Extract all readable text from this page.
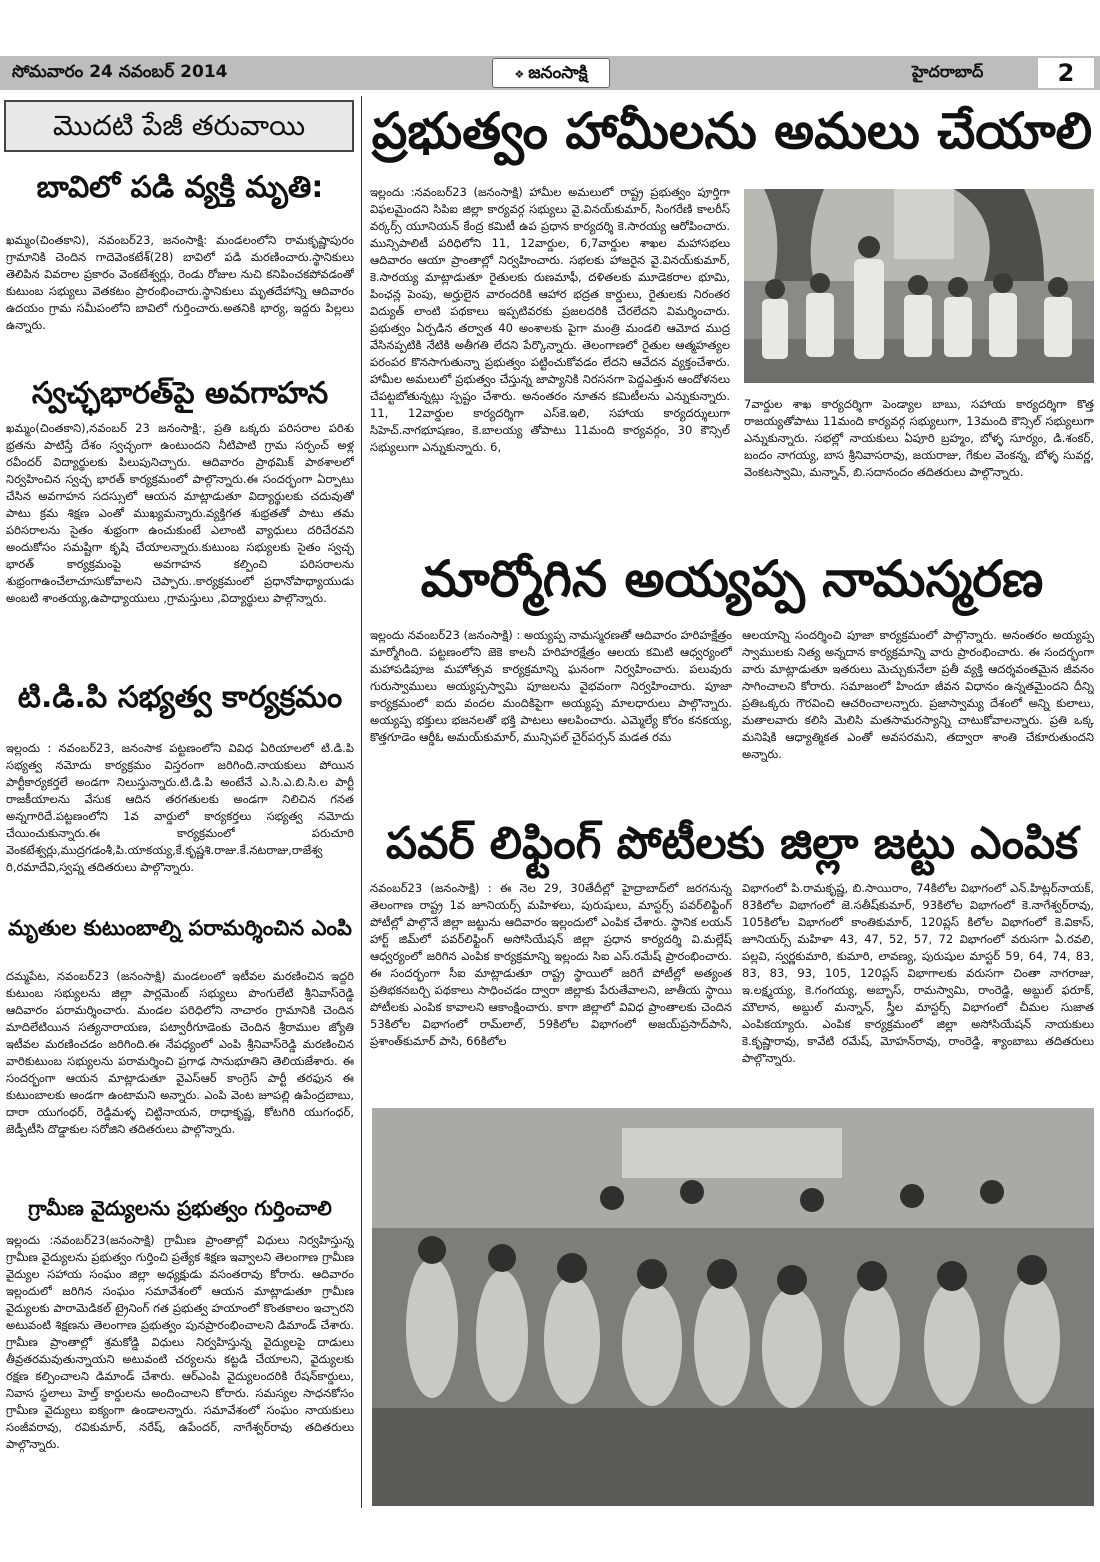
సోమవారం 24 నవంబర్ 2014	❖ జనంసాక్షి	హైదరాబాద్	2
మొదటి పేజీ తరువాయి
బావిలో పడి వ్యక్తి మృతి:
ఖమ్మం(చింతకాని), నవంబర్23, జనంసాక్షి: మండలంలోని రామకృష్ణాపురం గ్రామానికి చెందిన గాదెవెంకటేశ్(28) బావిలో పడి మరణించారు.స్థానికులు తెలిపిన వివరాల ప్రకారం వెంకటేశ్వర్లు, రెండు రోజుల నుచి కనిపించకపోవడంతో కుటుంబ సభ్యులు వెతకటం ప్రారంభించారు.స్థానికులు మృతదేహాన్ని ఆదివారం ఉదయం గ్రామ సమీపంలోని బావిలో గుర్తించారు.అతనికి భార్య, ఇద్దరు పిల్లలు ఉన్నారు.
స్వచ్ఛభారత్‌పై అవగాహన
ఖమ్మం(చింతకాని),నవంబర్ 23 జనంసాక్షి:, ప్రతి ఒక్కరు పరిసరాల పరిశు భ్రతను పాటిస్తే దేశం స్వచ్ఛంగా ఉంటుందని నీటిపాటి గ్రామ సర్పంచ్ అళ్ల రవీందర్ విద్యార్థులకు పిలుపునిచ్చారు. ఆదివారం ప్రాథమిక్ పాఠశాలలో నిర్వహించిన స్వచ్ఛ భారత్ కార్యక్రమంలో పాల్గొన్నారు.ఈ సందర్భంగా ఏర్పాటు చేసిన అవగాహన సదస్సులో ఆయన మాట్లాడుతూ విద్యార్థులకు చదువుతో పాటు క్రమ శిక్షణ ఎంతో ముఖ్యమన్నారు.వ్యక్తిగత శుభ్రతతో పాటు తమ పరిసరాలను సైతం శుభ్రంగా ఉంచుకుంటే ఎలాంటి వ్యాధులు దరిచేరవని అందుకోసం సమష్టిగా కృషి చేయాలన్నారు.కుటుంబ సభ్యులకు సైతం స్వచ్ఛ భారత్ కార్యక్రమంపై అవగాహన కల్పించి పరిసరాలను శుభ్రంగాఉంచేలాచూసుకోవాలని చెప్పారు..కార్యక్రమంలో ప్రధానోపాధ్యాయుడు అంబటి శాంతయ్య,ఉపాధ్యాయులు ,గ్రామస్తులు ,విద్యార్థులు పాల్గొన్నారు.
టి.డి.పి సభ్యత్వ కార్యక్రమం
ఇల్లందు : నవంబర్23, జనంసాక పట్టణంలోని వివిధ ఏరియాలలో టి.డి.పి సభ్యత్వ నమోదు కార్యక్రమం విస్తరంగా జరిగింది.నాయకులు పోయిన పార్టీకార్యకర్తలే అండగా నిలుస్తున్నారు.టి.డి.పి అంటేనే ఎ.సి.ఎ.బి.సి.ల పార్టీ రాజకీయాలను వేసుక ఆదిన తరగతులకు అండగా నిలిచిన గనత అన్నగారిదే.పట్టణంలోని 1వ వార్డులో కార్యకర్తలు సభ్యత్వ నమోదు చేయించుకున్నారు.ఈ కార్యక్రమంలో పరుచూరి వెంకటేశ్వర్లు,ముద్రగడంశీ,పి.యాకయ్య,కే.కృష్ణశి.రాజు.కే.నటరాజు,రాజేశ్వ రి,రమాదేవి,స్వప్న తదితరులు పాల్గొన్నారు.
మృతుల కుటుంబాల్ని పరామర్శించిన ఎంపి
దమ్మపేట, నవంబర్23 (జనంసాక్షి) మండలంలో ఇటీవల మరణించిన ఇద్దరి కుటుంబ సభ్యులను జిల్లా పార్లమెంట్ సభ్యులు పొంగులేటి శ్రీనివాస్‌రెడ్డి ఆదివారం పరామర్శించారు. మండల పరిధిలోని నాచారం గ్రామానికి చెందిన మాదిలేటియిన సత్యనారాయణ, పట్వారీగూడెంకు చెందిన శ్రీరాముల జ్యోతి ఇటీవల మరణించడం జరిగింది.ఈ నేపధ్యంలో ఎంపి శ్రీనివాస్‌రెడ్డి మరణించిన వారికుటుంబ సభ్యులను పరామర్శించి ప్రగాఢ సానుభూతిని తెలియజేశారు. ఈ సందర్భంగా ఆయన మాట్లాడుతూ వైఎస్ఆర్ కాంగ్రెస్ పార్టీ తరఫున ఈ కుటుంబాలకు అండగా ఉంటామని అన్నారు. ఎంపి వెంట జూపల్లి ఉపేంద్రబాబు, దారా యుగంధర్, రెడ్డిమళ్ళ చిట్టినాయన, రాధాకృష్ణ, కోటగిరి యుగంధర్, జెడ్పీటీసి దొడ్డాకుల సరోజిని తదితరులు పాల్గొన్నారు.
గ్రామీణ వైద్యులను ప్రభుత్వం గుర్తించాలి
ఇల్లందు :నవంబర్23(జనంసాక్షి) గ్రామీణ ప్రాంతాల్లో విధులు నిర్వహిస్తున్న గ్రామీణ వైద్యులను ప్రభుత్వం గుర్తించి ప్రత్యేక శిక్షణ ఇవ్వాలని తెలంగాణ గ్రామీణ వైద్యుల సహాయ సంఘం జిల్లా అధ్యక్షుడు వసంతరావు కోరారు. ఆదివారం ఇల్లందులో జరిగిన సంఘం సమావేశంలో ఆయన మాట్లాడుతూ గ్రామీణ వైద్యులకు పారామెడికల్ ట్రైనింగ్ గత ప్రభుత్వ హయాంలో కొంతకాలం ఇచ్చారని అటువంటి శిక్షణను తెలంగాణ ప్రభుత్వం పునప్రారంభించాలని డిమాండ్ చేశారు. గ్రామీణ ప్రాంతాల్లో శ్రమకోడ్డి విధులు నిర్వహిస్తున్న వైద్యులపై దాడులు తీవ్రతరమవుతున్నాయని అటువంటి చర్యలను కట్టడి చేయాలని, వైద్యులకు రక్షణ కల్పించాలని డిమాండ్ చేశారు. ఆర్ఎంపి వైద్యులందరికి రేషన్‌కార్డులు, నివాస స్థలాలు హెల్త్ కార్డులను అందించాలని కోరారు. సమస్యల సాధనకోసం గ్రామీణ వైద్యులు ఐక్యంగా ఉండాలన్నారు. సమావేశంలో సంఘం నాయకులు సంజీవరావు, రవికుమార్, నరేష్, ఉపేందర్, నాగేశ్వర్‌రావు తదితరులు పాల్గొన్నారు.
ప్రభుత్వం హామీలను అమలు చేయాలి
ఇల్లందు :నవంబర్23 (జనంసాక్షి) హామీల అమలులో రాష్ట్ర ప్రభుత్వం పూర్తిగా విఫలమైందని సిపిఐ జిల్లా కార్యవర్గ సభ్యులు వై.వినయ్‌కుమార్, సింగరేణి కాలరీస్ వర్కర్స్ యూనియన్ కేంద్ర కమిటీ ఉప ప్రధాన కార్యదర్శి కె.సారయ్య ఆరోపించారు. మున్సిపాలిటీ పరిధిలోని 11, 12వార్డుల, 6,7వార్డుల శాఖల మహాసభలు ఆదివారం ఆయా ప్రాంతాల్లో నిర్వహించారు. సభలకు హాజరైన వై.వినయ్‌కుమార్, కె.సారయ్య మాట్లాడుతూ రైతులకు రుణమాఫీ, దళితలకు మూడెకరాల భూమి, పింఛన్ల పెంపు, అర్హులైన వారందరికి ఆహార భద్రత కార్డులు, రైతులకు నిరంతర విద్యుత్ లాంటి పథకాలు ఇప్పటివరకు ప్రజలదరికి చేరలేదని విమర్శించారు. ప్రభుత్వం ఏర్పడిన తర్వాత 40 అంశాలకు పైగా మంత్రి మండలి ఆమోద ముద్ర వేసినప్పటికి నేటికి అతీగతి లేదని పేర్కొన్నారు. తెలంగాణలో రైతుల ఆత్మహత్యల పరంపర కొనసాగుతున్నా ప్రభుత్వం పట్టించుకోవడం లేదని ఆవేదన వ్యక్తంచేశారు. హామీల అమలులో ప్రభుత్వం చేస్తున్న జాప్యానికి నిరసనగా పెద్దఎత్తున ఆందోళనలు చేపట్టబోతున్నట్లు స్పష్టం చేశారు. అనంతరం నూతన కమిటీలను ఎన్నుకున్నారు. 11, 12వార్డుల కార్యదర్శిగా ఎస్‌కె.ఇలి, సహాయ కార్యదర్శులుగా సిహెచ్.నాగభూషణం, కె.బాలయ్య తోపాటు 11మంది కార్యవర్గం, 30 కౌన్సిల్ సభ్యులుగా ఎన్నుకున్నారు. 6,
7వార్డుల శాఖ కార్యదర్శిగా పెండ్యాల బాబు, సహాయ కార్యదర్శిగా కొత్త రాజయ్యతోపాటు 11మంది కార్యవర్గ సభ్యులుగా, 13మంది కౌన్సిల్ సభ్యులుగా ఎన్నుకున్నారు. సభల్లో నాయకులు ఏపూరి బ్రహ్మం, బోళ్ళ సూర్యం, డి.శంకర్, బందం నాగయ్య, బాస శ్రీనివాసరావు, జయరాజు, గేకుల వెంకన్న, బోళ్ళ సువర్ణ, వెంకటస్వామి, మన్నాన్, బి.సదానందం తదితరులు పాల్గొన్నారు.
మార్మోగిన అయ్యప్ప నామస్మరణ
ఇల్లందు నవంబర్23 (జనంసాక్షి) : అయ్యప్ప నామస్మరణతో ఆదివారం హరిహక్షేత్రం మార్మోగింది. పట్టణంలోని జెకె కాలనీ హరిహరక్షేత్రం ఆలయ కమిటి ఆధ్వర్యంలో మహాపడిపూజ మహోత్సవ కార్యక్రమాన్ని ఘనంగా నిర్వహించారు. పలువురు గురుస్వాములు అయ్యప్పస్వామి పూజలను వైభవంగా నిర్వహించారు. పూజా కార్యక్రమంలో ఐదు వందల మందికిపైగా అయ్యప్ప మాలధారులు పాల్గొన్నారు. అయ్యప్ప భక్తులు భజనలతో భక్తి పాటలు ఆలపించారు. ఎమ్మెల్యే కోరం కనకయ్య, కొత్తగూడెం ఆర్డీఓ అమయ్‌కుమార్, మున్సిపల్ చైర్‌పర్సన్ మడత రమ
ఆలయాన్ని సందర్శించి పూజా కార్యక్రమంలో పాల్గొన్నారు. అనంతరం అయ్యప్ప స్వాములకు నిత్య అన్నదాన కార్యక్రమాన్ని వారు ప్రారంభించారు. ఈ సందర్భంగా వారు మాట్లాడుతూ ఇతరులు మెచ్చుకునేలా ప్రతీ వ్యక్తి ఆదర్శవంతమైన జీవనం సాగించాలని కోరారు. సమాజంలో హిందూ జీవన విధానం ఉన్నతమైందని దీన్ని ప్రతిఒక్కరు గౌరవించి ఆచరించాలన్నారు. ప్రజాస్వామ్య దేశంలో అన్ని కులాలు, మతాలవారు కలిసి మెలిసి మతసామరస్యాన్ని చాటుకోవాలన్నారు. ప్రతి ఒక్క మనిషికి ఆధ్యాత్మికత ఎంతో అవసరమని, తద్వారా శాంతి చేకూరుతుందని అన్నారు.
పవర్ లిఫ్టింగ్ పోటీలకు జిల్లా జట్టు ఎంపిక
నవంబర్23 (జనంసాక్షి) : ఈ నెల 29, 30తేదీల్లో హైద్రాబాద్‌లో జరగనున్న తెలంగాణ రాష్ట్ర 1వ జూనియర్స్ మహిళలు, పురుషులు, మాస్టర్స్ పవర్‌లిఫ్టింగ్ పోటీల్లో పాల్గొనే జిల్లా జట్టును ఆదివారం ఇల్లందులో ఎంపిక చేశారు. స్థానిక లయన్ హార్ట్ జిమ్‌లో పవర్‌లిఫ్టింగ్ అసోసియేషన్ జిల్లా ప్రధాన కార్యదర్శి వి.మల్లేష్ ఆధ్వర్యంలో జరిగిన ఎంపిక కార్యక్రమాన్ని ఇల్లందు సిఐ ఎస్.రమేష్ ప్రారంభించారు. ఈ సందర్భంగా సీఐ మాట్లాడుతూ రాష్ట్ర స్థాయిలో జరిగే పోటీల్లో అత్యంత ప్రతిభకనబర్చి పథకాలు సాధించడం ద్వారా జిల్లాకు పేరుతేవాలని, జాతీయ స్థాయి పోటీలకు ఎంపిక కావాలని ఆకాంక్షించారు. కాగా జిల్లాలో వివిధ ప్రాంతాలకు చెందిన 53కిలోల విభాగంలో రామ్‌లాల్, 59కిలోల విభాగంలో అజయ్‌ప్రసాద్‌పాసి, ప్రశాంత్‌కుమార్ పాసి, 66కిలోల
విభాగంలో పి.రామకృష్ణ, బి.సాయిరాం, 74కిలోల విభాగంలో ఎన్.హిట్లర్‌నాయక్, 83కిలోల విభాగంలో జె.సతీష్‌కుమార్, 93కిలోల విభాగంలో కె.నాగేశ్వర్‌రావు, 105కిలోల విభాగంలో కాంతికుమార్, 120ప్లస్ కిలోల విభాగంలో కె.వికాస్, జూనియర్స్ మహిళా 43, 47, 52, 57, 72 విభాగంలో వరుసగా ఏ.రవలి, పల్లవి, స్వర్ణకుమారి, కుమారి, లావణ్య, పురుషుల మాస్టర్ 59, 64, 74, 83, 83, 83, 93, 105, 120ప్లస్ విభాగాలకు వరుసగా చింతా నాగరాజు, ఇ.లక్ష్మయ్య, కె.గంగయ్య, అబ్బాస్, రామస్వామి, రాంరెడ్డి, అబ్దుల్ ఫరూక్, మౌలాన, అబ్దుల్ మన్నాన్, స్త్రీల మాస్టర్స్ విభాగంలో చీమల సుజాత ఎంపికయ్యారు. ఎంపిక కార్యక్రమంలో జిల్లా అసోసియేషన్ నాయకులు కె.కృష్ణారావు, కావేటి రమేష్, మోహన్‌రావు, రాంరెడ్డి, శ్యాంబాబు తదితరులు పాల్గొన్నారు.
